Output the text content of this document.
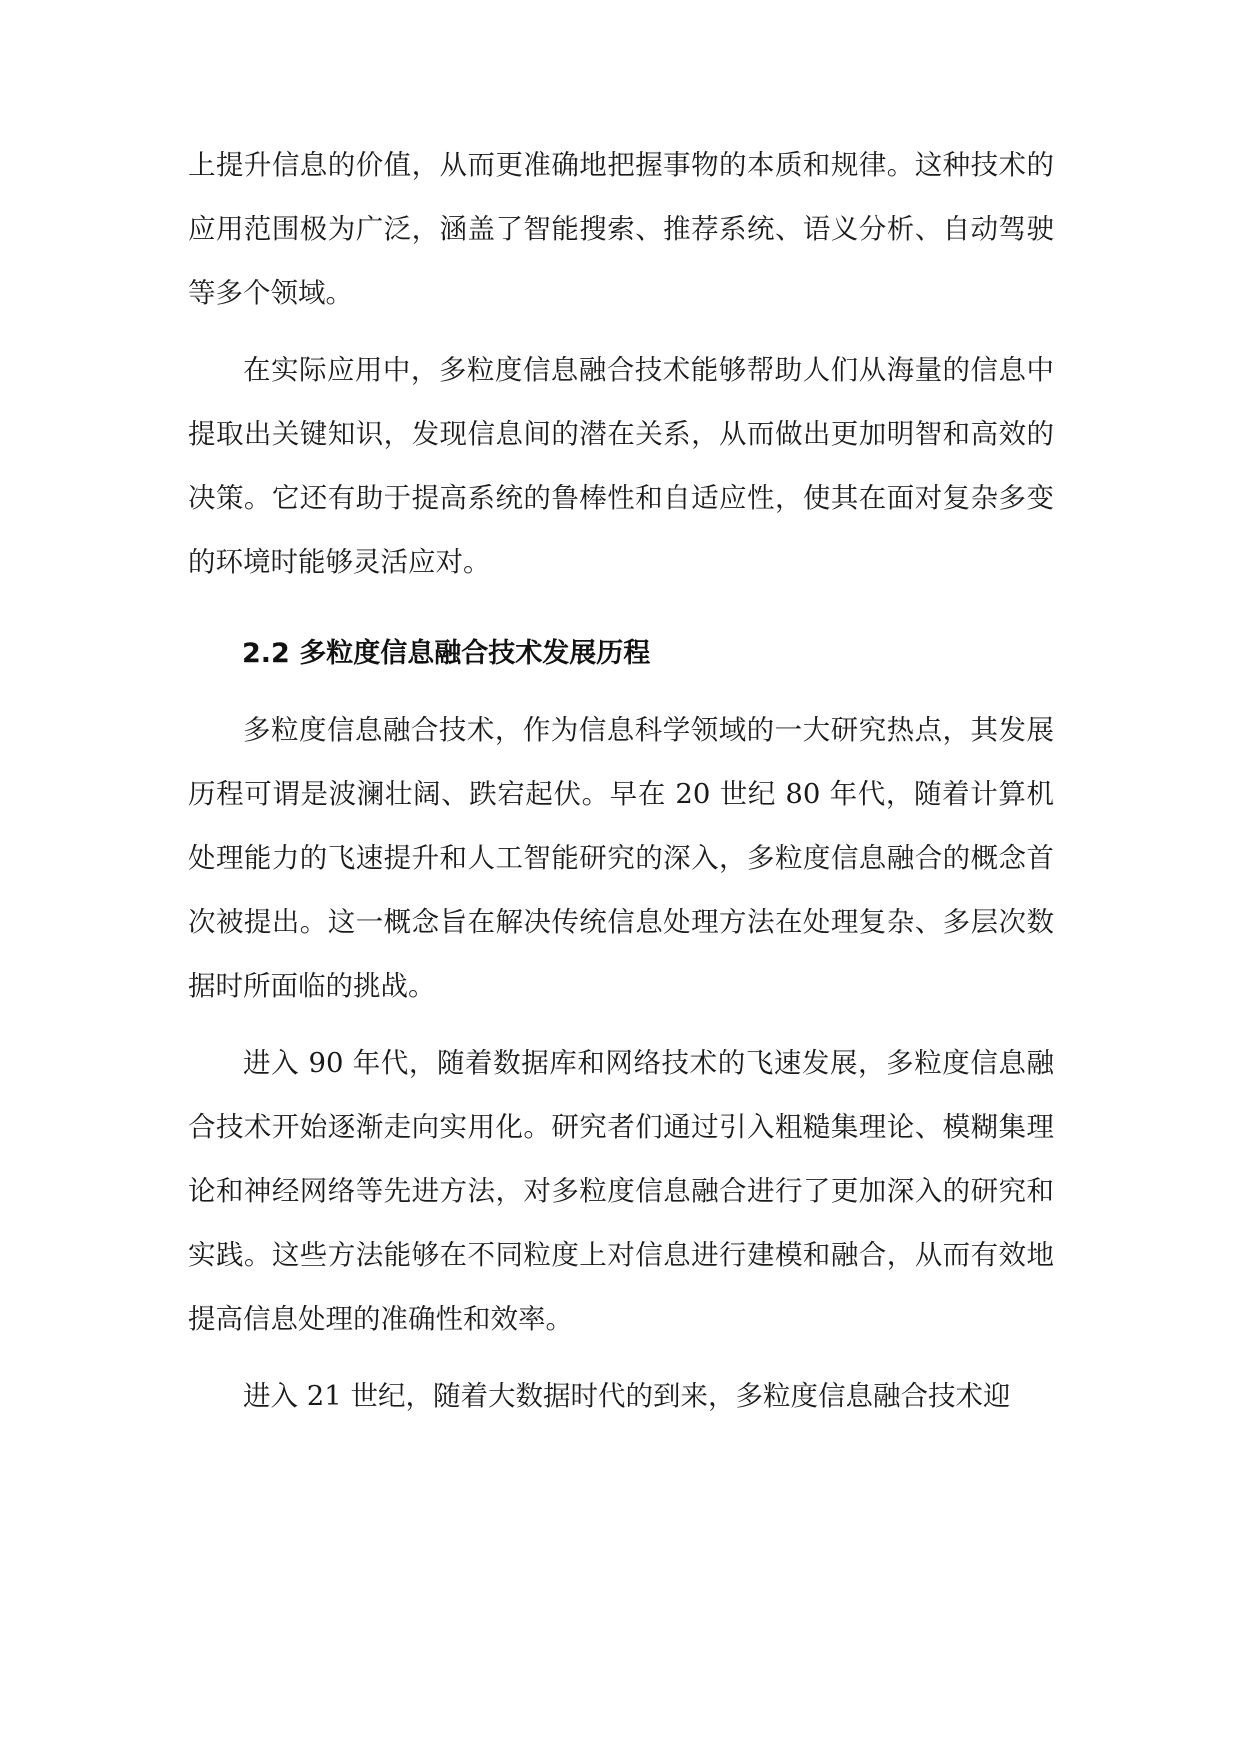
上提升信息的价值，从而更准确地把握事物的本质和规律。这种技术的应用范围极为广泛，涵盖了智能搜索、推荐系统、语义分析、自动驾驶等多个领域。

在实际应用中，多粒度信息融合技术能够帮助人们从海量的信息中提取出关键知识，发现信息间的潜在关系，从而做出更加明智和高效的决策。它还有助于提高系统的鲁棒性和自适应性，使其在面对复杂多变的环境时能够灵活应对。

2.2 多粒度信息融合技术发展历程

多粒度信息融合技术，作为信息科学领域的一大研究热点，其发展历程可谓是波澜壮阔、跌宕起伏。早在 20 世纪 80 年代，随着计算机处理能力的飞速提升和人工智能研究的深入，多粒度信息融合的概念首次被提出。这一概念旨在解决传统信息处理方法在处理复杂、多层次数据时所面临的挑战。

进入 90 年代，随着数据库和网络技术的飞速发展，多粒度信息融合技术开始逐渐走向实用化。研究者们通过引入粗糙集理论、模糊集理论和神经网络等先进方法，对多粒度信息融合进行了更加深入的研究和实践。这些方法能够在不同粒度上对信息进行建模和融合，从而有效地提高信息处理的准确性和效率。

进入 21 世纪，随着大数据时代的到来，多粒度信息融合技术迎
